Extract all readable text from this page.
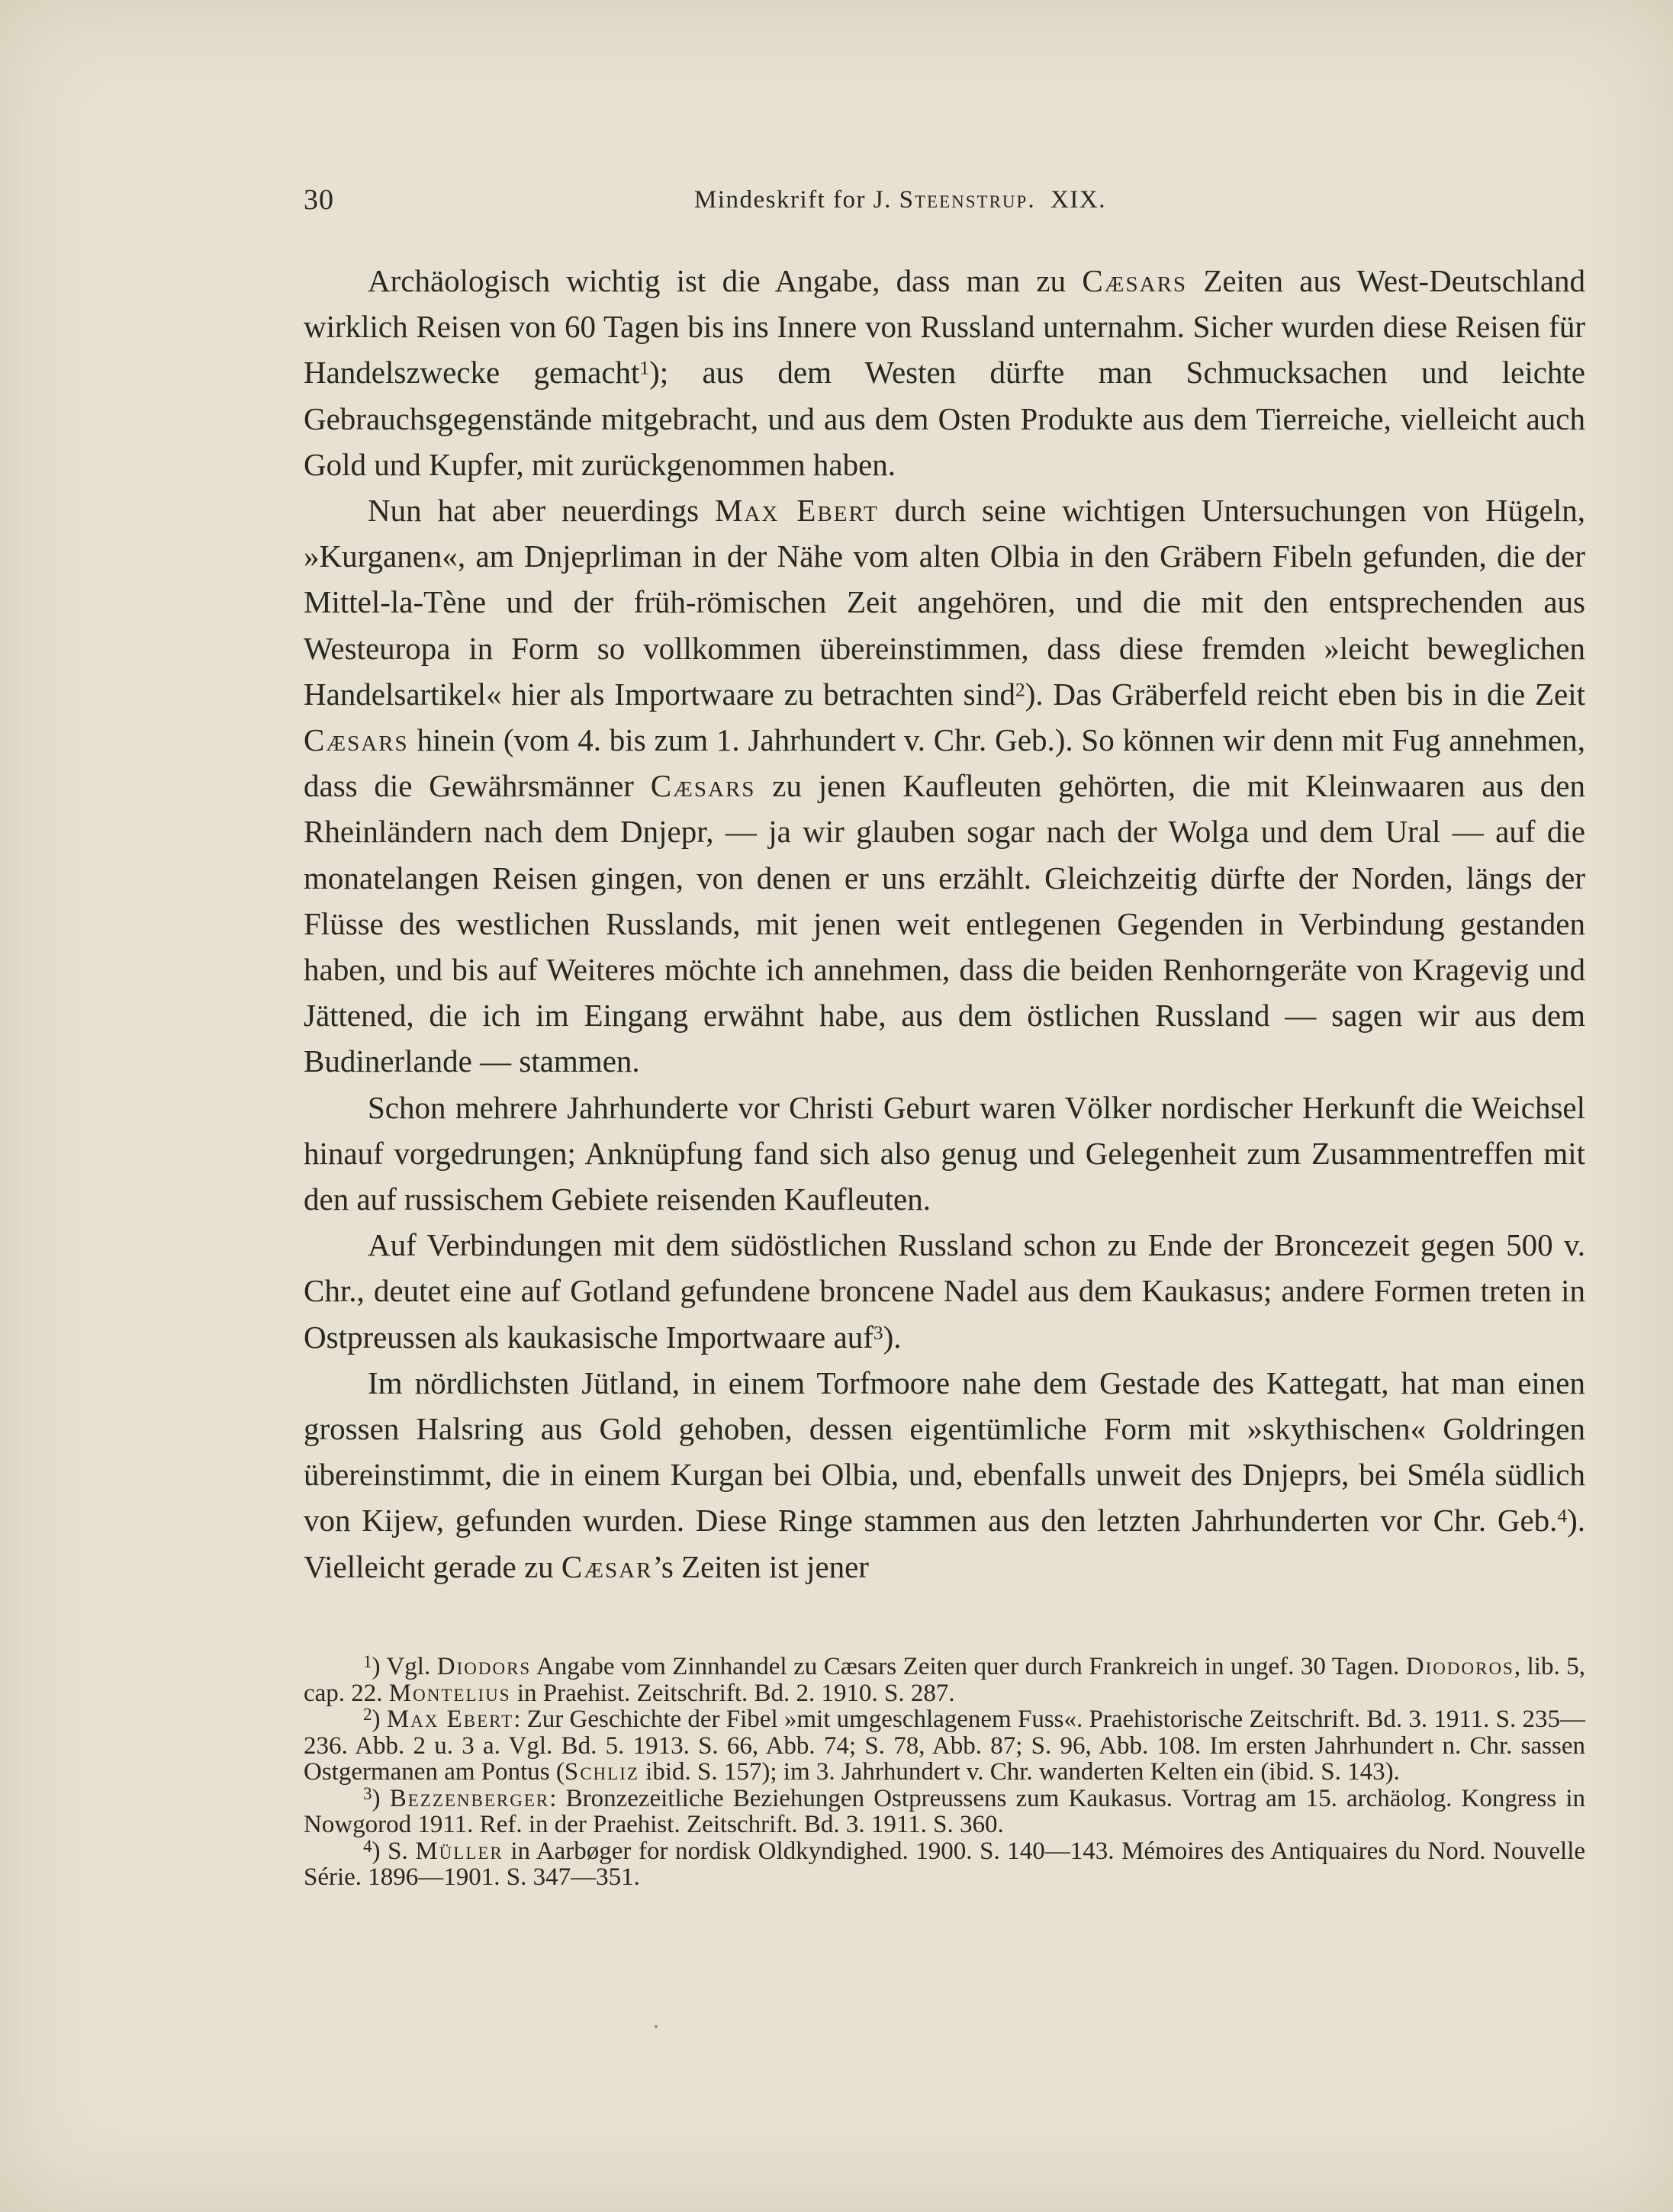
30	Mindeskrift for J. Steenstrup. XIX.

Archäologisch wichtig ist die Angabe, dass man zu Cæsars Zeiten aus West-Deutschland wirklich Reisen von 60 Tagen bis ins Innere von Russland unternahm. Sicher wurden diese Reisen für Handelszwecke gemacht$^1$); aus dem Westen dürfte man Schmucksachen und leichte Gebrauchsgegenstände mitgebracht, und aus dem Osten Produkte aus dem Tierreiche, vielleicht auch Gold und Kupfer, mit zurückgenommen haben.

Nun hat aber neuerdings Max Ebert durch seine wichtigen Untersuchungen von Hügeln, »Kurganen«, am Dnjeprliman in der Nähe vom alten Olbia in den Gräbern Fibeln gefunden, die der Mittel-la-Tène und der früh-römischen Zeit angehören, und die mit den entsprechenden aus Westeuropa in Form so vollkommen übereinstimmen, dass diese fremden »leicht beweglichen Handelsartikel« hier als Importwaare zu betrachten sind$^2$). Das Gräberfeld reicht eben bis in die Zeit Cæsars hinein (vom 4. bis zum 1. Jahrhundert v. Chr. Geb.). So können wir denn mit Fug annehmen, dass die Gewährsmänner Cæsars zu jenen Kaufleuten gehörten, die mit Kleinwaaren aus den Rheinländern nach dem Dnjepr, — ja wir glauben sogar nach der Wolga und dem Ural — auf die monatelangen Reisen gingen, von denen er uns erzählt. Gleichzeitig dürfte der Norden, längs der Flüsse des westlichen Russlands, mit jenen weit entlegenen Gegenden in Verbindung gestanden haben, und bis auf Weiteres möchte ich annehmen, dass die beiden Renhorngeräte von Kragevig und Jättened, die ich im Eingang erwähnt habe, aus dem östlichen Russland — sagen wir aus dem Budinerlande — stammen.

Schon mehrere Jahrhunderte vor Christi Geburt waren Völker nordischer Herkunft die Weichsel hinauf vorgedrungen; Anknüpfung fand sich also genug und Gelegenheit zum Zusammentreffen mit den auf russischem Gebiete reisenden Kaufleuten.

Auf Verbindungen mit dem südöstlichen Russland schon zu Ende der Broncezeit gegen 500 v. Chr., deutet eine auf Gotland gefundene broncene Nadel aus dem Kaukasus; andere Formen treten in Ostpreussen als kaukasische Importwaare auf$^3$).

Im nördlichsten Jütland, in einem Torfmoore nahe dem Gestade des Kattegatt, hat man einen grossen Halsring aus Gold gehoben, dessen eigentümliche Form mit »skythischen« Goldringen übereinstimmt, die in einem Kurgan bei Olbia, und, ebenfalls unweit des Dnjeprs, bei Sméla südlich von Kijew, gefunden wurden. Diese Ringe stammen aus den letzten Jahrhunderten vor Chr. Geb.$^4$). Vielleicht gerade zu Cæsar’s Zeiten ist jener

$^1$) Vgl. Diodors Angabe vom Zinnhandel zu Cæsars Zeiten quer durch Frankreich in ungef. 30 Tagen. Diodoros, lib. 5, cap. 22. Montelius in Praehist. Zeitschrift. Bd. 2. 1910. S. 287.

$^2$) Max Ebert: Zur Geschichte der Fibel »mit umgeschlagenem Fuss«. Praehistorische Zeitschrift. Bd. 3. 1911. S. 235—236. Abb. 2 u. 3 a. Vgl. Bd. 5. 1913. S. 66, Abb. 74; S. 78, Abb. 87; S. 96, Abb. 108. Im ersten Jahrhundert n. Chr. sassen Ostgermanen am Pontus (Schliz ibid. S. 157); im 3. Jahrhundert v. Chr. wanderten Kelten ein (ibid. S. 143).

$^3$) Bezzenberger: Bronzezeitliche Beziehungen Ostpreussens zum Kaukasus. Vortrag am 15. archäolog. Kongress in Nowgorod 1911. Ref. in der Praehist. Zeitschrift. Bd. 3. 1911. S. 360.

$^4$) S. Müller in Aarbøger for nordisk Oldkyndighed. 1900. S. 140—143. Mémoires des Antiquaires du Nord. Nouvelle Série. 1896—1901. S. 347—351.
